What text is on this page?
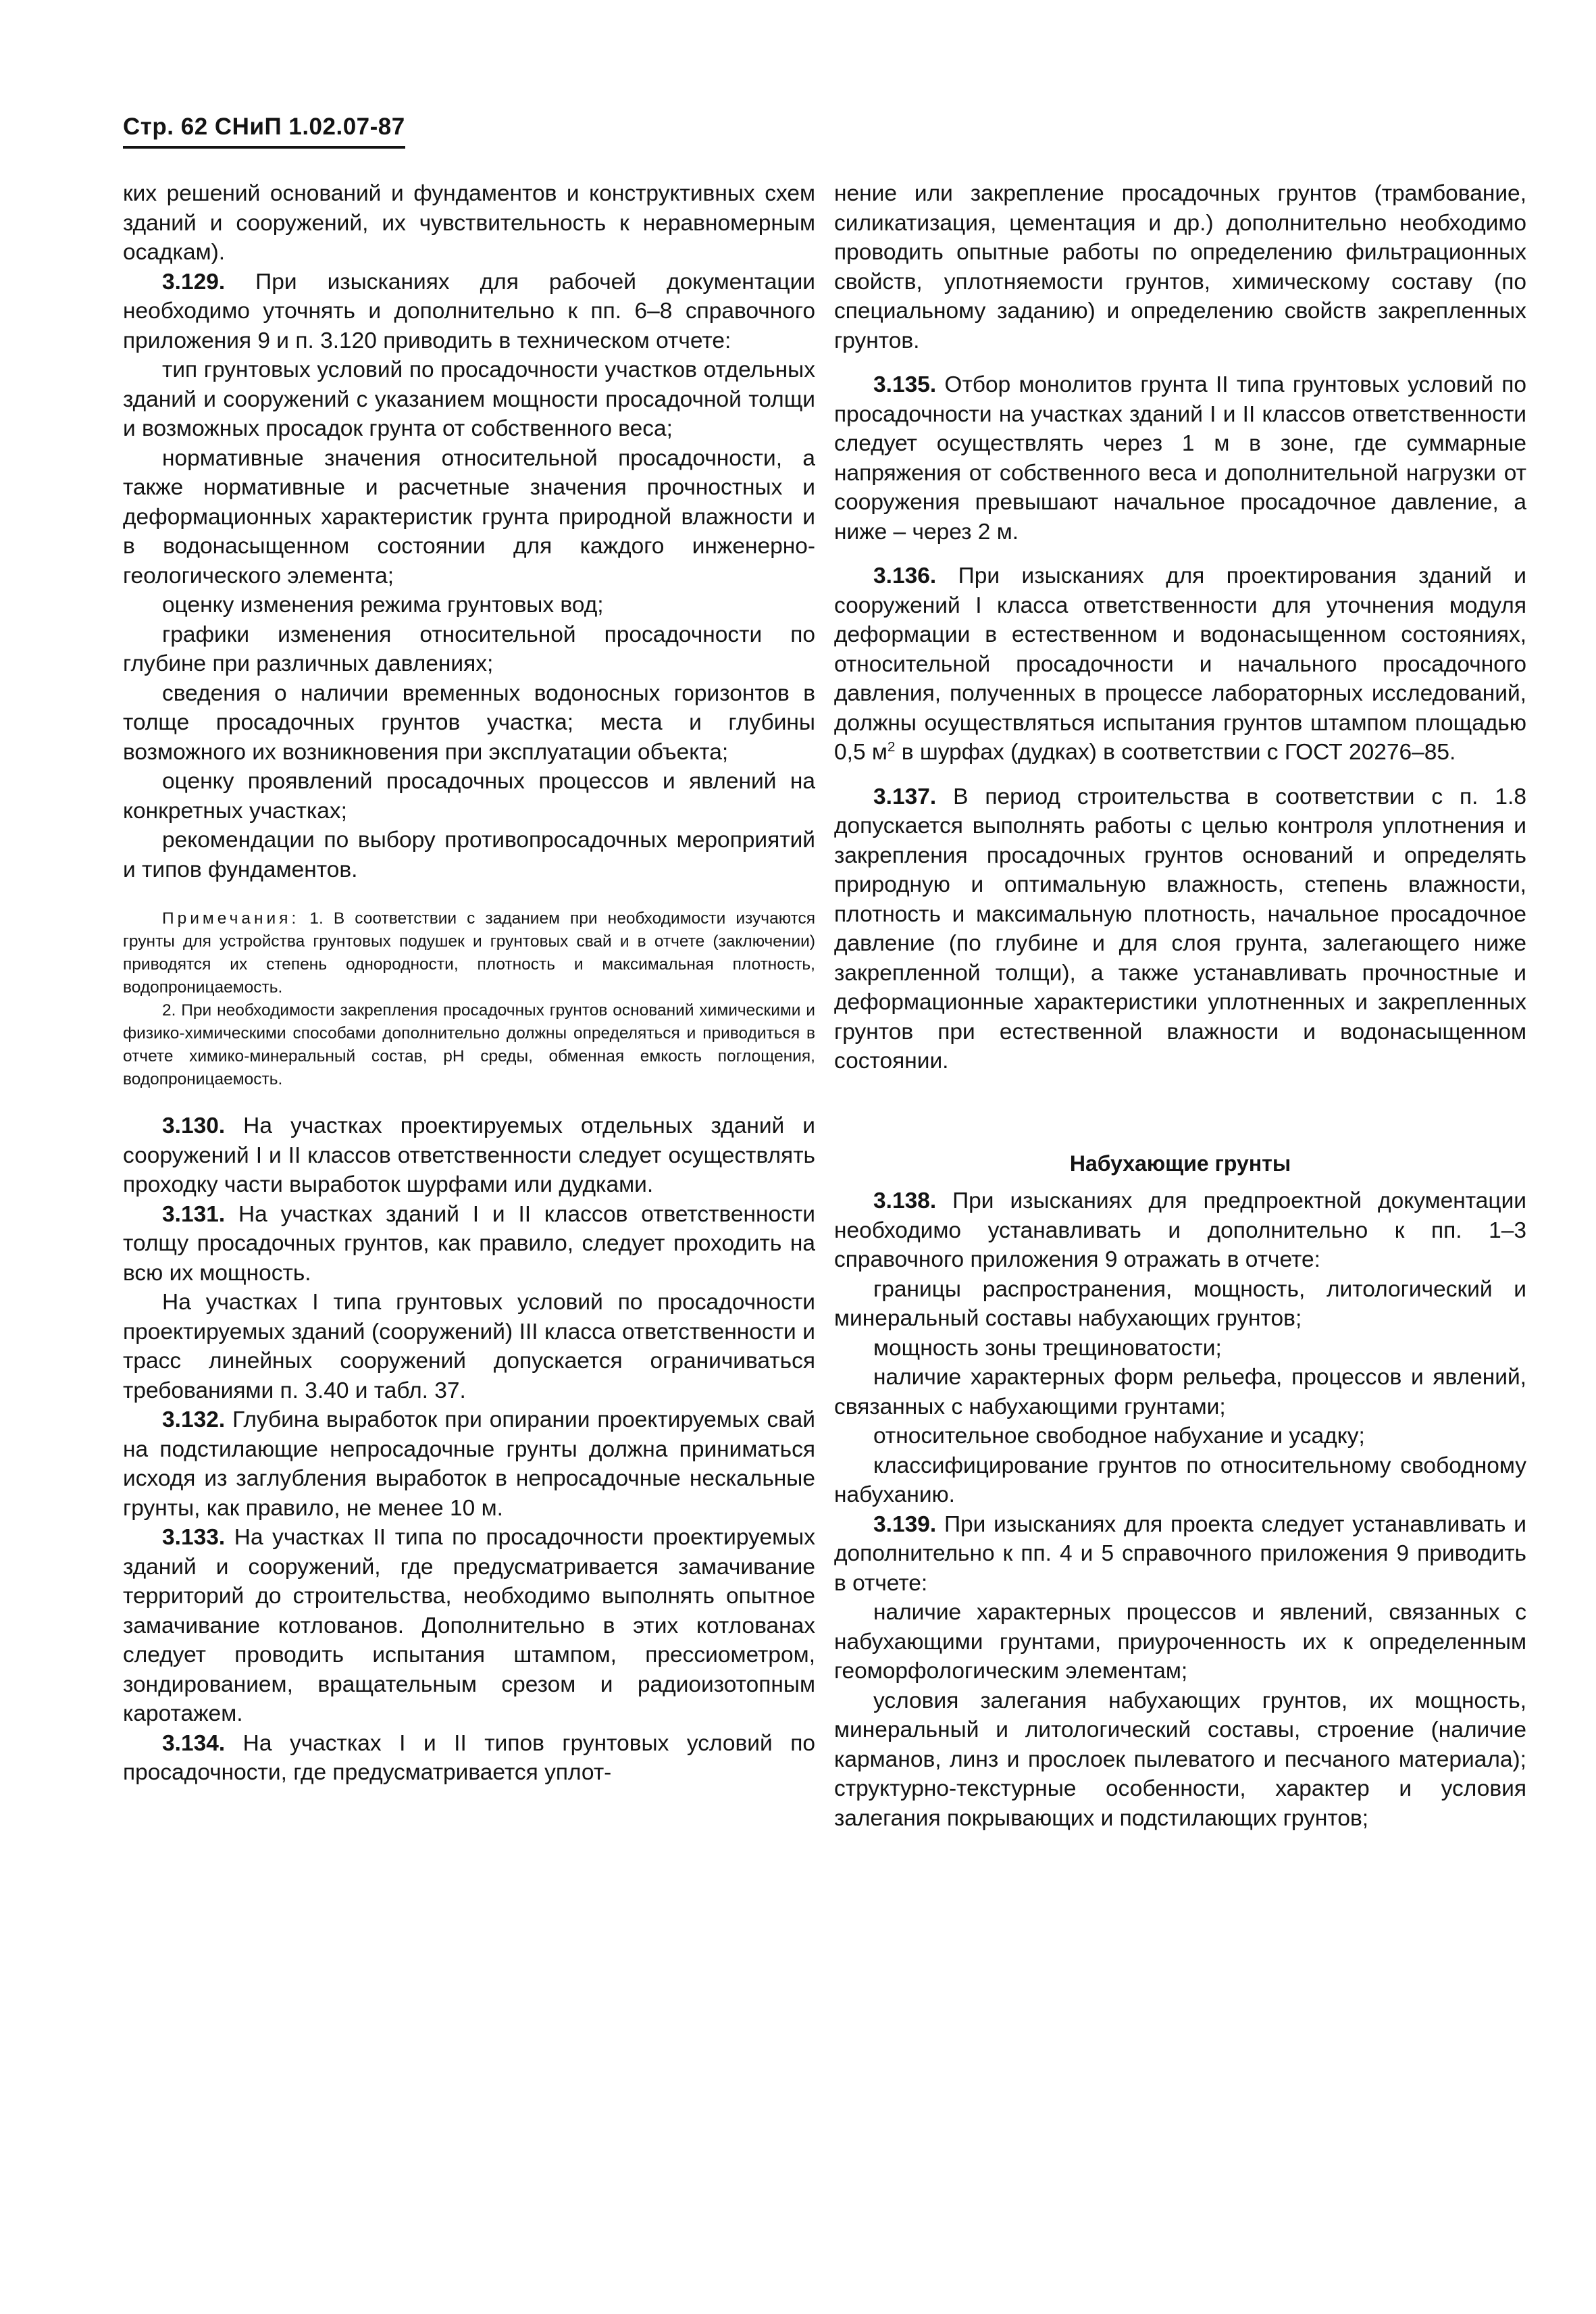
Стр. 62 СНиП 1.02.07-87

ких решений оснований и фундаментов и конструктивных схем зданий и сооружений, их чувствительность к неравномерным осадкам).

3.129. При изысканиях для рабочей документации необходимо уточнять и дополнительно к пп. 6–8 справочного приложения 9 и п. 3.120 приводить в техническом отчете:

тип грунтовых условий по просадочности участков отдельных зданий и сооружений с указанием мощности просадочной толщи и возможных просадок грунта от собственного веса;

нормативные значения относительной просадочности, а также нормативные и расчетные значения прочностных и деформационных характеристик грунта природной влажности и в водонасыщенном состоянии для каждого инженерно-геологического элемента;

оценку изменения режима грунтовых вод;

графики изменения относительной просадочности по глубине при различных давлениях;

сведения о наличии временных водоносных горизонтов в толще просадочных грунтов участка; места и глубины возможного их возникновения при эксплуатации объекта;

оценку проявлений просадочных процессов и явлений на конкретных участках;

рекомендации по выбору противопросадочных мероприятий и типов фундаментов.

Примечания: 1. В соответствии с заданием при необходимости изучаются грунты для устройства грунтовых подушек и грунтовых свай и в отчете (заключении) приводятся их степень однородности, плотность и максимальная плотность, водопроницаемость.

2. При необходимости закрепления просадочных грунтов оснований химическими и физико-химическими способами дополнительно должны определяться и приводиться в отчете химико-минеральный состав, pH среды, обменная емкость поглощения, водопроницаемость.

3.130. На участках проектируемых отдельных зданий и сооружений I и II классов ответственности следует осуществлять проходку части выработок шурфами или дудками.

3.131. На участках зданий I и II классов ответственности толщу просадочных грунтов, как правило, следует проходить на всю их мощность.

На участках I типа грунтовых условий по просадочности проектируемых зданий (сооружений) III класса ответственности и трасс линейных сооружений допускается ограничиваться требованиями п. 3.40 и табл. 37.

3.132. Глубина выработок при опирании проектируемых свай на подстилающие непросадочные грунты должна приниматься исходя из заглубления выработок в непросадочные нескальные грунты, как правило, не менее 10 м.

3.133. На участках II типа по просадочности проектируемых зданий и сооружений, где предусматривается замачивание территорий до строительства, необходимо выполнять опытное замачивание котлованов. Дополнительно в этих котлованах следует проводить испытания штампом, прессиометром, зондированием, вращательным срезом и радиоизотопным каротажем.

3.134. На участках I и II типов грунтовых условий по просадочности, где предусматривается уплот-

нение или закрепление просадочных грунтов (трамбование, силикатизация, цементация и др.) дополнительно необходимо проводить опытные работы по определению фильтрационных свойств, уплотняемости грунтов, химическому составу (по специальному заданию) и определению свойств закрепленных грунтов.

3.135. Отбор монолитов грунта II типа грунтовых условий по просадочности на участках зданий I и II классов ответственности следует осуществлять через 1 м в зоне, где суммарные напряжения от собственного веса и дополнительной нагрузки от сооружения превышают начальное просадочное давление, а ниже – через 2 м.

3.136. При изысканиях для проектирования зданий и сооружений I класса ответственности для уточнения модуля деформации в естественном и водонасыщенном состояниях, относительной просадочности и начального просадочного давления, полученных в процессе лабораторных исследований, должны осуществляться испытания грунтов штампом площадью 0,5 $м^2$ в шурфах (дудках) в соответствии с ГОСТ 20276–85.

3.137. В период строительства в соответствии с п. 1.8 допускается выполнять работы с целью контроля уплотнения и закрепления просадочных грунтов оснований и определять природную и оптимальную влажность, степень влажности, плотность и максимальную плотность, начальное просадочное давление (по глубине и для слоя грунта, залегающего ниже закрепленной толщи), а также устанавливать прочностные и деформационные характеристики уплотненных и закрепленных грунтов при естественной влажности и водонасыщенном состоянии.

Набухающие грунты

3.138. При изысканиях для предпроектной документации необходимо устанавливать и дополнительно к пп. 1–3 справочного приложения 9 отражать в отчете:

границы распространения, мощность, литологический и минеральный составы набухающих грунтов;

мощность зоны трещиноватости;

наличие характерных форм рельефа, процессов и явлений, связанных с набухающими грунтами;

относительное свободное набухание и усадку;

классифицирование грунтов по относительному свободному набуханию.

3.139. При изысканиях для проекта следует устанавливать и дополнительно к пп. 4 и 5 справочного приложения 9 приводить в отчете:

наличие характерных процессов и явлений, связанных с набухающими грунтами, приуроченность их к определенным геоморфологическим элементам;

условия залегания набухающих грунтов, их мощность, минеральный и литологический составы, строение (наличие карманов, линз и прослоек пылеватого и песчаного материала); структурно-текстурные особенности, характер и условия залегания покрывающих и подстилающих грунтов;
